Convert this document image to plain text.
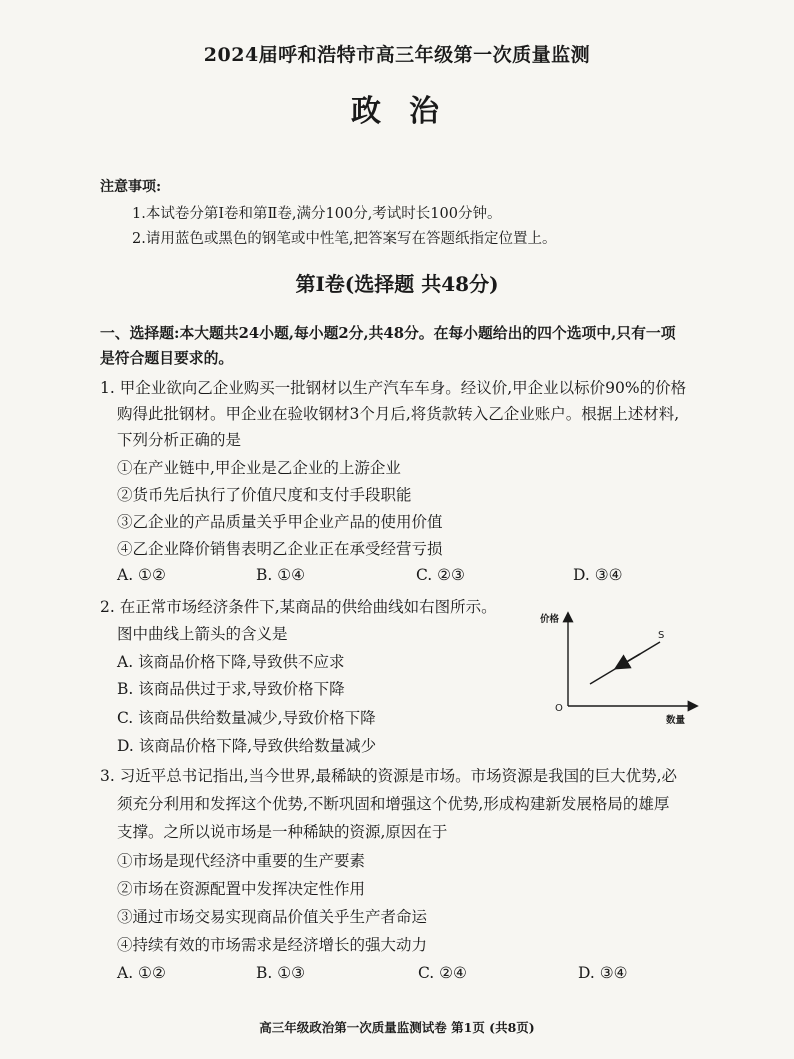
2024届呼和浩特市高三年级第一次质量监测
政治
注意事项:
1.本试卷分第Ⅰ卷和第Ⅱ卷,满分100分,考试时长100分钟。
2.请用蓝色或黑色的钢笔或中性笔,把答案写在答题纸指定位置上。
第Ⅰ卷(选择题 共48分)
一、选择题:本大题共24小题,每小题2分,共48分。在每小题给出的四个选项中,只有一项
是符合题目要求的。
1. 甲企业欲向乙企业购买一批钢材以生产汽车车身。经议价,甲企业以标价90%的价格
购得此批钢材。甲企业在验收钢材3个月后,将货款转入乙企业账户。根据上述材料,
下列分析正确的是
①在产业链中,甲企业是乙企业的上游企业
②货币先后执行了价值尺度和支付手段职能
③乙企业的产品质量关乎甲企业产品的使用价值
④乙企业降价销售表明乙企业正在承受经营亏损
A. ①②	B. ①④	C. ②③	D. ③④
2. 在正常市场经济条件下,某商品的供给曲线如右图所示。
图中曲线上箭头的含义是
A. 该商品价格下降,导致供不应求
B. 该商品供过于求,导致价格下降
C. 该商品供给数量减少,导致价格下降
D. 该商品价格下降,导致供给数量减少
价格
数量
O
S
3. 习近平总书记指出,当今世界,最稀缺的资源是市场。市场资源是我国的巨大优势,必
须充分利用和发挥这个优势,不断巩固和增强这个优势,形成构建新发展格局的雄厚
支撑。之所以说市场是一种稀缺的资源,原因在于
①市场是现代经济中重要的生产要素
②市场在资源配置中发挥决定性作用
③通过市场交易实现商品价值关乎生产者命运
④持续有效的市场需求是经济增长的强大动力
A. ①②	B. ①③	C. ②④	D. ③④
高三年级政治第一次质量监测试卷 第1页 (共8页)
